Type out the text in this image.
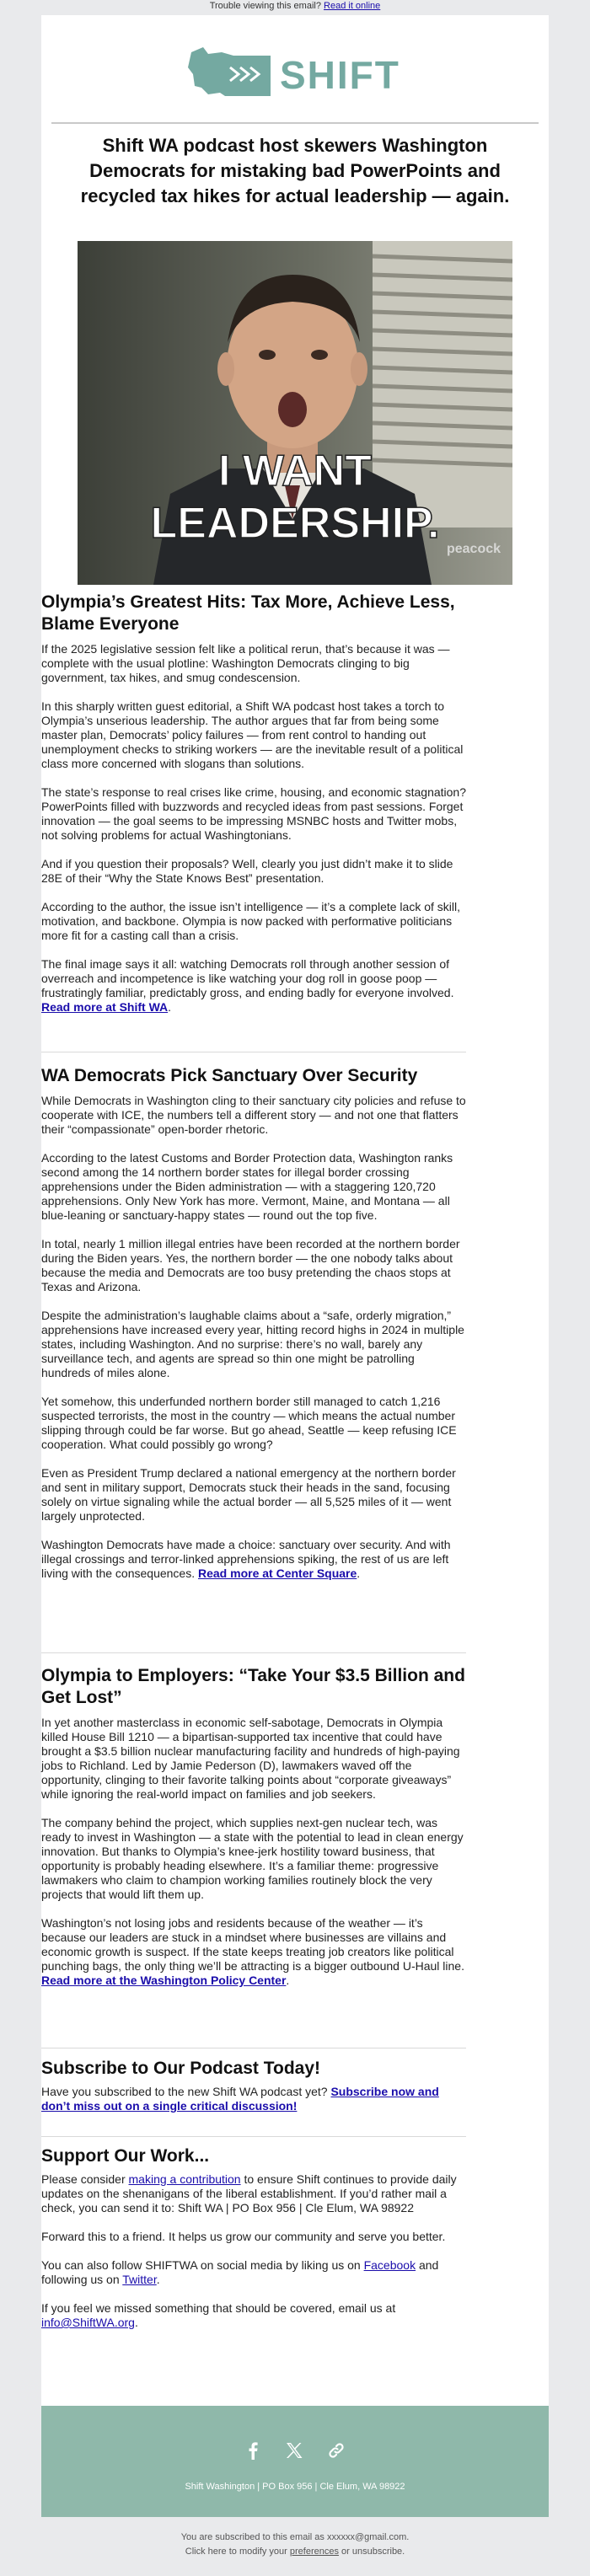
Trouble viewing this email? Read it online
SHIFT
Shift WA podcast host skewers Washington Democrats for mistaking bad PowerPoints and recycled tax hikes for actual leadership — again.
I WANT
LEADERSHIP.
peacock
Olympia’s Greatest Hits: Tax More, Achieve Less, Blame Everyone

If the 2025 legislative session felt like a political rerun, that’s because it was — complete with the usual plotline: Washington Democrats clinging to big government, tax hikes, and smug condescension.

In this sharply written guest editorial, a Shift WA podcast host takes a torch to Olympia’s unserious leadership. The author argues that far from being some master plan, Democrats’ policy failures — from rent control to handing out unemployment checks to striking workers — are the inevitable result of a political class more concerned with slogans than solutions.

The state’s response to real crises like crime, housing, and economic stagnation? PowerPoints filled with buzzwords and recycled ideas from past sessions. Forget innovation — the goal seems to be impressing MSNBC hosts and Twitter mobs, not solving problems for actual Washingtonians.

And if you question their proposals? Well, clearly you just didn’t make it to slide 28E of their “Why the State Knows Best” presentation.

According to the author, the issue isn’t intelligence — it’s a complete lack of skill, motivation, and backbone. Olympia is now packed with performative politicians more fit for a casting call than a crisis.

The final image says it all: watching Democrats roll through another session of overreach and incompetence is like watching your dog roll in goose poop — frustratingly familiar, predictably gross, and ending badly for everyone involved. Read more at Shift WA.

WA Democrats Pick Sanctuary Over Security

While Democrats in Washington cling to their sanctuary city policies and refuse to cooperate with ICE, the numbers tell a different story — and not one that flatters their “compassionate” open-border rhetoric.

According to the latest Customs and Border Protection data, Washington ranks second among the 14 northern border states for illegal border crossing apprehensions under the Biden administration — with a staggering 120,720 apprehensions. Only New York has more. Vermont, Maine, and Montana — all blue-leaning or sanctuary-happy states — round out the top five.

In total, nearly 1 million illegal entries have been recorded at the northern border during the Biden years. Yes, the northern border — the one nobody talks about because the media and Democrats are too busy pretending the chaos stops at Texas and Arizona.

Despite the administration’s laughable claims about a “safe, orderly migration,” apprehensions have increased every year, hitting record highs in 2024 in multiple states, including Washington. And no surprise: there’s no wall, barely any surveillance tech, and agents are spread so thin one might be patrolling hundreds of miles alone.

Yet somehow, this underfunded northern border still managed to catch 1,216 suspected terrorists, the most in the country — which means the actual number slipping through could be far worse. But go ahead, Seattle — keep refusing ICE cooperation. What could possibly go wrong?

Even as President Trump declared a national emergency at the northern border and sent in military support, Democrats stuck their heads in the sand, focusing solely on virtue signaling while the actual border — all 5,525 miles of it — went largely unprotected.

Washington Democrats have made a choice: sanctuary over security. And with illegal crossings and terror-linked apprehensions spiking, the rest of us are left living with the consequences. Read more at Center Square.

Olympia to Employers: “Take Your $3.5 Billion and Get Lost”

In yet another masterclass in economic self-sabotage, Democrats in Olympia killed House Bill 1210 — a bipartisan-supported tax incentive that could have brought a $3.5 billion nuclear manufacturing facility and hundreds of high-paying jobs to Richland. Led by Jamie Pederson (D), lawmakers waved off the opportunity, clinging to their favorite talking points about “corporate giveaways” while ignoring the real-world impact on families and job seekers.

The company behind the project, which supplies next-gen nuclear tech, was ready to invest in Washington — a state with the potential to lead in clean energy innovation. But thanks to Olympia’s knee-jerk hostility toward business, that opportunity is probably heading elsewhere. It’s a familiar theme: progressive lawmakers who claim to champion working families routinely block the very projects that would lift them up.

Washington’s not losing jobs and residents because of the weather — it’s because our leaders are stuck in a mindset where businesses are villains and economic growth is suspect. If the state keeps treating job creators like political punching bags, the only thing we’ll be attracting is a bigger outbound U-Haul line. Read more at the Washington Policy Center.

Subscribe to Our Podcast Today!

Have you subscribed to the new Shift WA podcast yet? Subscribe now and don’t miss out on a single critical discussion!

Support Our Work...

Please consider making a contribution to ensure Shift continues to provide daily updates on the shenanigans of the liberal establishment. If you’d rather mail a check, you can send it to: Shift WA | PO Box 956 | Cle Elum, WA 98922

Forward this to a friend. It helps us grow our community and serve you better.

You can also follow SHIFTWA on social media by liking us on Facebook and following us on Twitter.

If you feel we missed something that should be covered, email us at info@ShiftWA.org.

Shift Washington | PO Box 956 | Cle Elum, WA 98922
You are subscribed to this email as xxxxxx@gmail.com.
Click here to modify your preferences or unsubscribe.
